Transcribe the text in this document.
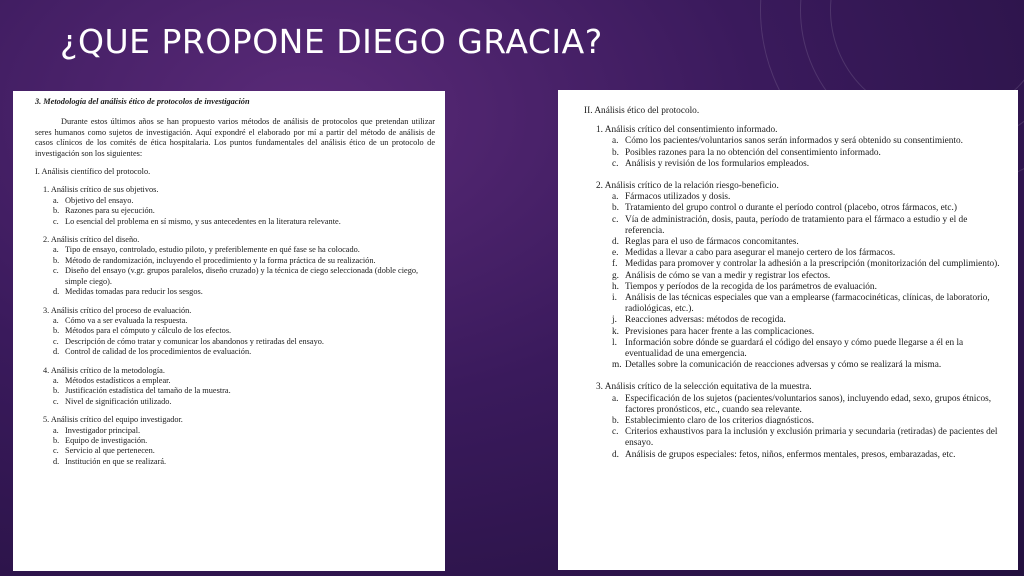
¿QUE PROPONE DIEGO GRACIA?
3. Metodología del análisis ético de protocolos de investigación
Durante estos últimos años se han propuesto varios métodos de análisis de protocolos que pretendan utilizar seres humanos como sujetos de investigación. Aquí expondré el elaborado por mí a partir del método de análisis de casos clínicos de los comités de ética hospitalaria. Los puntos fundamentales del análisis ético de un protocolo de investigación son los siguientes:
I. Análisis científico del protocolo.
1. Análisis crítico de sus objetivos.
a. Objetivo del ensayo.
b. Razones para su ejecución.
c. Lo esencial del problema en sí mismo, y sus antecedentes en la literatura relevante.
2. Análisis crítico del diseño.
a. Tipo de ensayo, controlado, estudio piloto, y preferiblemente en qué fase se ha colocado.
b. Método de randomización, incluyendo el procedimiento y la forma práctica de su realización.
c. Diseño del ensayo (v.gr. grupos paralelos, diseño cruzado) y la técnica de ciego seleccionada (doble ciego, simple ciego).
d. Medidas tomadas para reducir los sesgos.
3. Análisis crítico del proceso de evaluación.
a. Cómo va a ser evaluada la respuesta.
b. Métodos para el cómputo y cálculo de los efectos.
c. Descripción de cómo tratar y comunicar los abandonos y retiradas del ensayo.
d. Control de calidad de los procedimientos de evaluación.
4. Análisis crítico de la metodología.
a. Métodos estadísticos a emplear.
b. Justificación estadística del tamaño de la muestra.
c. Nivel de significación utilizado.
5. Análisis crítico del equipo investigador.
a. Investigador principal.
b. Equipo de investigación.
c. Servicio al que pertenecen.
d. Institución en que se realizará.
II. Análisis ético del protocolo.
1. Análisis crítico del consentimiento informado.
a. Cómo los pacientes/voluntarios sanos serán informados y será obtenido su consentimiento.
b. Posibles razones para la no obtención del consentimiento informado.
c. Análisis y revisión de los formularios empleados.
2. Análisis crítico de la relación riesgo-beneficio.
a. Fármacos utilizados y dosis.
b. Tratamiento del grupo control o durante el período control (placebo, otros fármacos, etc.)
c. Vía de administración, dosis, pauta, período de tratamiento para el fármaco a estudio y el de referencia.
d. Reglas para el uso de fármacos concomitantes.
e. Medidas a llevar a cabo para asegurar el manejo certero de los fármacos.
f. Medidas para promover y controlar la adhesión a la prescripción (monitorización del cumplimiento).
g. Análisis de cómo se van a medir y registrar los efectos.
h. Tiempos y períodos de la recogida de los parámetros de evaluación.
i. Análisis de las técnicas especiales que van a emplearse (farmacocinéticas, clínicas, de laboratorio, radiológicas, etc.).
j. Reacciones adversas: métodos de recogida.
k. Previsiones para hacer frente a las complicaciones.
l. Información sobre dónde se guardará el código del ensayo y cómo puede llegarse a él en la eventualidad de una emergencia.
m. Detalles sobre la comunicación de reacciones adversas y cómo se realizará la misma.
3. Análisis crítico de la selección equitativa de la muestra.
a. Especificación de los sujetos (pacientes/voluntarios sanos), incluyendo edad, sexo, grupos étnicos, factores pronósticos, etc., cuando sea relevante.
b. Establecimiento claro de los criterios diagnósticos.
c. Criterios exhaustivos para la inclusión y exclusión primaria y secundaria (retiradas) de pacientes del ensayo.
d. Análisis de grupos especiales: fetos, niños, enfermos mentales, presos, embarazadas, etc.
